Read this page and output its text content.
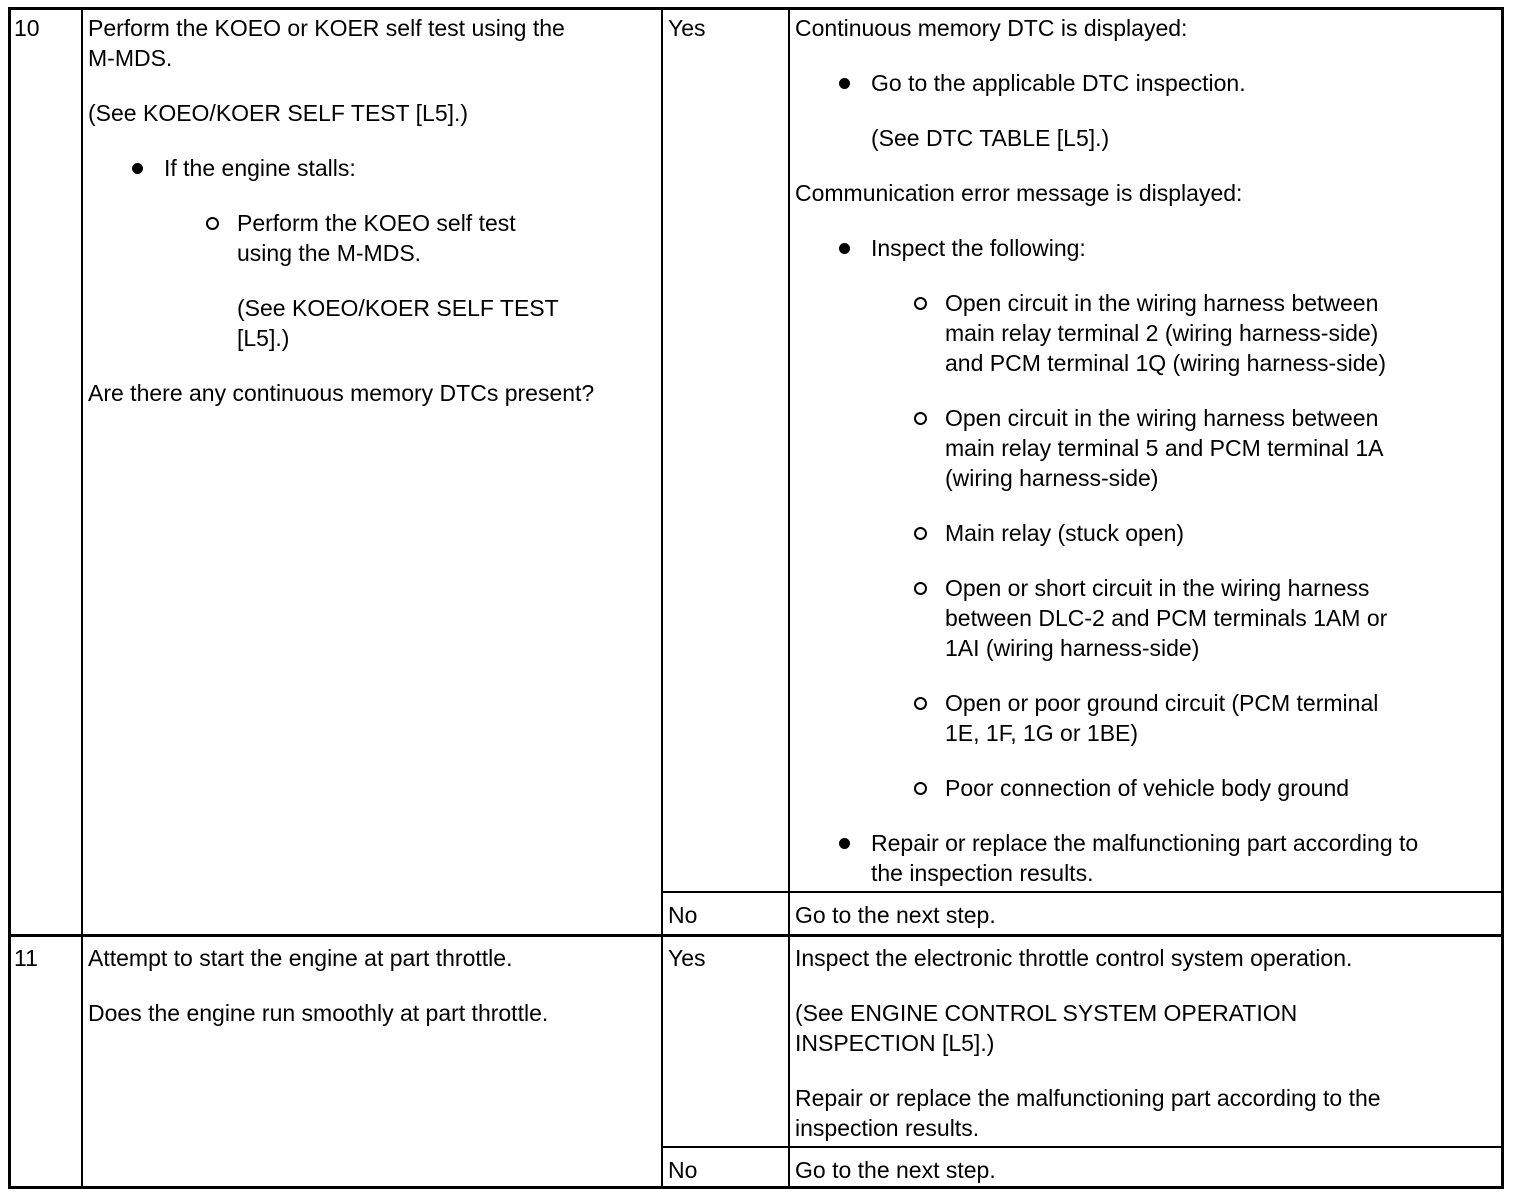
10 Perform the KOEO or KOER self test using the

M-MDS.

(See KOEO/KOER SELF TEST [L5].)

If the engine stalls:

Perform the KOEO self test

using the M-MDS.

(See KOEO/KOER SELF TEST

[L5].)

Are there any continuous memory DTCs present?

Yes	Continuous memory DTC is displayed:

Go to the applicable DTC inspection.

(See DTC TABLE [L5].)

Communication error message is displayed:

Inspect the following:

Open circuit in the wiring harness between

main relay terminal 2 (wiring harness-side)

and PCM terminal 1Q (wiring harness-side)

Open circuit in the wiring harness between

main relay terminal 5 and PCM terminal 1A

(wiring harness-side)

Main relay (stuck open)

Open or short circuit in the wiring harness

between DLC-2 and PCM terminals 1AM or

1AI (wiring harness-side)

Open or poor ground circuit (PCM terminal

1E, 1F, 1G or 1BE)

Poor connection of vehicle body ground

Repair or replace the malfunctioning part according to

the inspection results.

No	Go to the next step.
11 Attempt to start the engine at part throttle.

Does the engine run smoothly at part throttle.

Yes	Inspect the electronic throttle control system operation.

(See ENGINE CONTROL SYSTEM OPERATION

INSPECTION [L5].)

Repair or replace the malfunctioning part according to the

inspection results.

No	Go to the next step.
